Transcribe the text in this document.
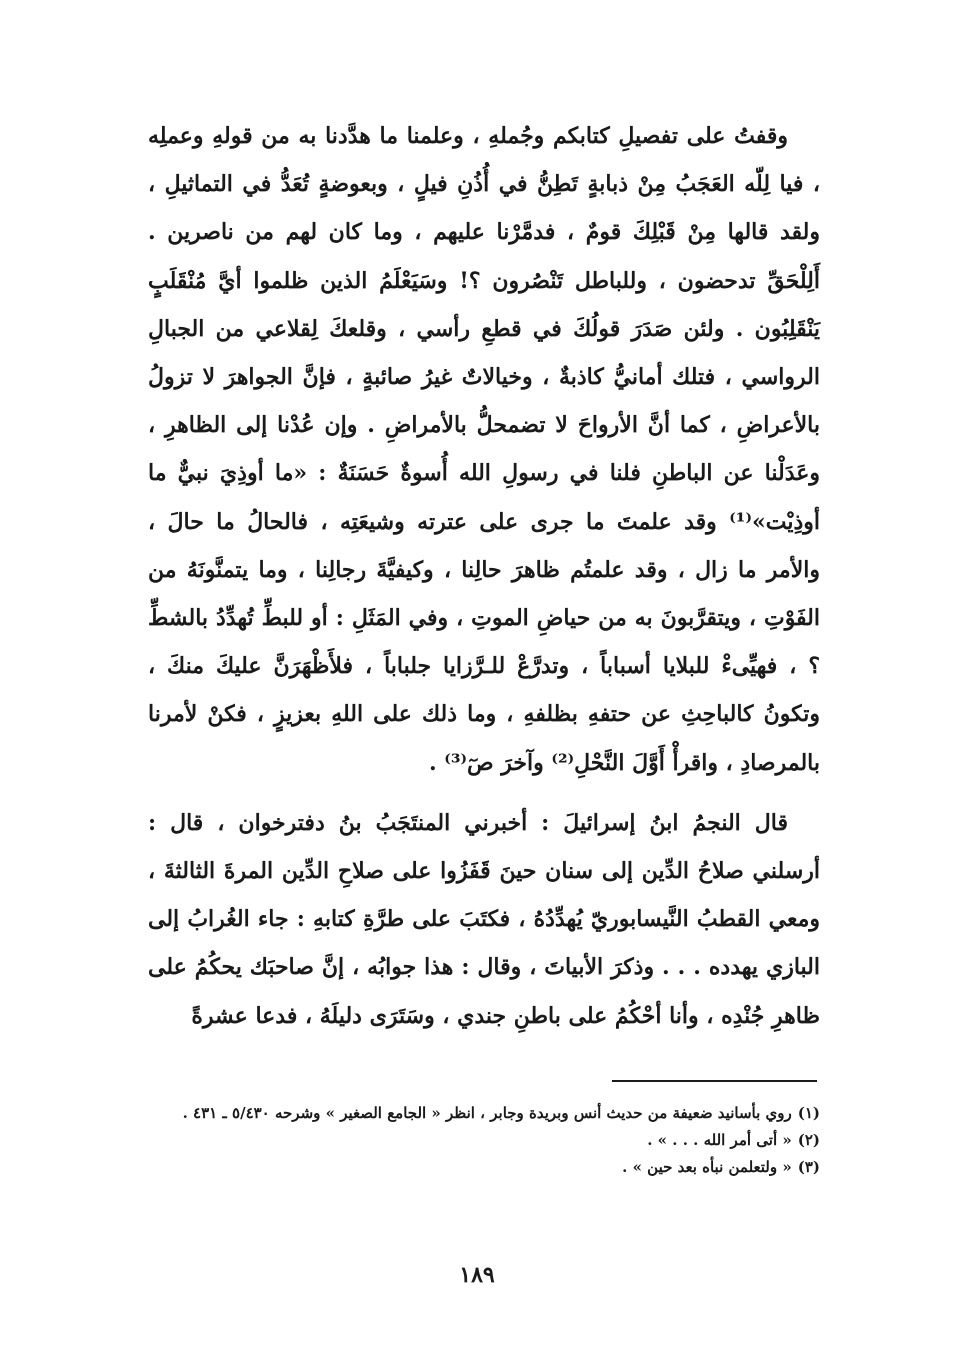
وقفتُ على تفصيلِ كتابكم وجُملهِ ، وعلمنا ما هدَّدنا به من قولهِ وعملِه ، فيا لِلّه العَجَبُ مِنْ ذبابةٍ تَطِنُّ في أُذُنِ فيلٍ ، وبعوضةٍ تُعَدُّ في التماثيلِ ، ولقد قالها مِنْ قَبْلِكَ قومٌ ، فدمَّرْنا عليهم ، وما كان لهم من ناصرين . أَلِلْحَقِّ تدحضون ، وللباطل تَنْصُرون ؟! وسَيَعْلَمُ الذين ظلموا أيَّ مُنْقَلَبٍ يَنْقَلِبُون . ولئن صَدَرَ قولُكَ في قطعِ رأسي ، وقلعكَ لِقلاعي من الجبالِ الرواسي ، فتلك أمانيُّ كاذبةٌ ، وخيالاتٌ غيرُ صائبةٍ ، فإنَّ الجواهرَ لا تزولُ بالأعراضِ ، كما أنَّ الأرواحَ لا تضمحلُّ بالأمراضِ . وإن عُدْنا إلى الظاهرِ ، وعَدَلْنا عن الباطنِ فلنا في رسولِ الله أُسوةٌ حَسَنَةٌ : «ما أوذِيَ نبيٌّ ما أوذِيْت»⁽¹⁾ وقد علمتَ ما جرى على عترته وشيعَتِه ، فالحالُ ما حالَ ، والأمر ما زال ، وقد علمتُم ظاهرَ حالِنا ، وكيفيَّةَ رجالِنا ، وما يتمنَّونَهُ من الفَوْتِ ، ويتقرَّبونَ به من حياضِ الموتِ ، وفي المَثَلِ : أو للبطِّ تُهدِّدُ بالشطِّ ؟ ، فهيِّىءْ للبلايا أسباباً ، وتدرَّعْ للـرَّزايا جلباباً ، فلأَظْهَرَنَّ عليكَ منكَ ، وتكونُ كالباحِثِ عن حتفهِ بظلفهِ ، وما ذلك على اللهِ بعزيزٍ ، فكنْ لأمرنا بالمرصادِ ، واقرأْ أَوَّلَ النَّحْلِ⁽²⁾ وآخرَ صٓ⁽³⁾ .

قال النجمُ ابنُ إسرائيلَ : أخبرني المنتَجَبُ بنُ دفترخوان ، قال : أرسلني صلاحُ الدِّين إلى سنان حينَ قَفَزُوا على صلاحِ الدِّين المرةَ الثالثةَ ، ومعي القطبُ النَّيسابوريّ يُهدِّدُهُ ، فكتَبَ على طرَّةِ كتابهِ : جاء الغُرابُ إلى البازي يهدده . . . وذكرَ الأبياتَ ، وقال : هذا جوابُه ، إنَّ صاحبَك يحكُمُ على ظاهرِ جُنْدِه ، وأنا أحْكُمُ على باطنِ جندي ، وسَتَرَى دليلَهُ ، فدعا عشرةً

(١)روي بأسانيد ضعيفة من حديث أنس وبريدة وجابر ، انظر « الجامع الصغير » وشرحه ٥/٤٣٠ ـ ٤٣١ .

(٢)« أتى أمر الله . . . » .

(٣)« ولتعلمن نبأه بعد حين » .

١٨٩
